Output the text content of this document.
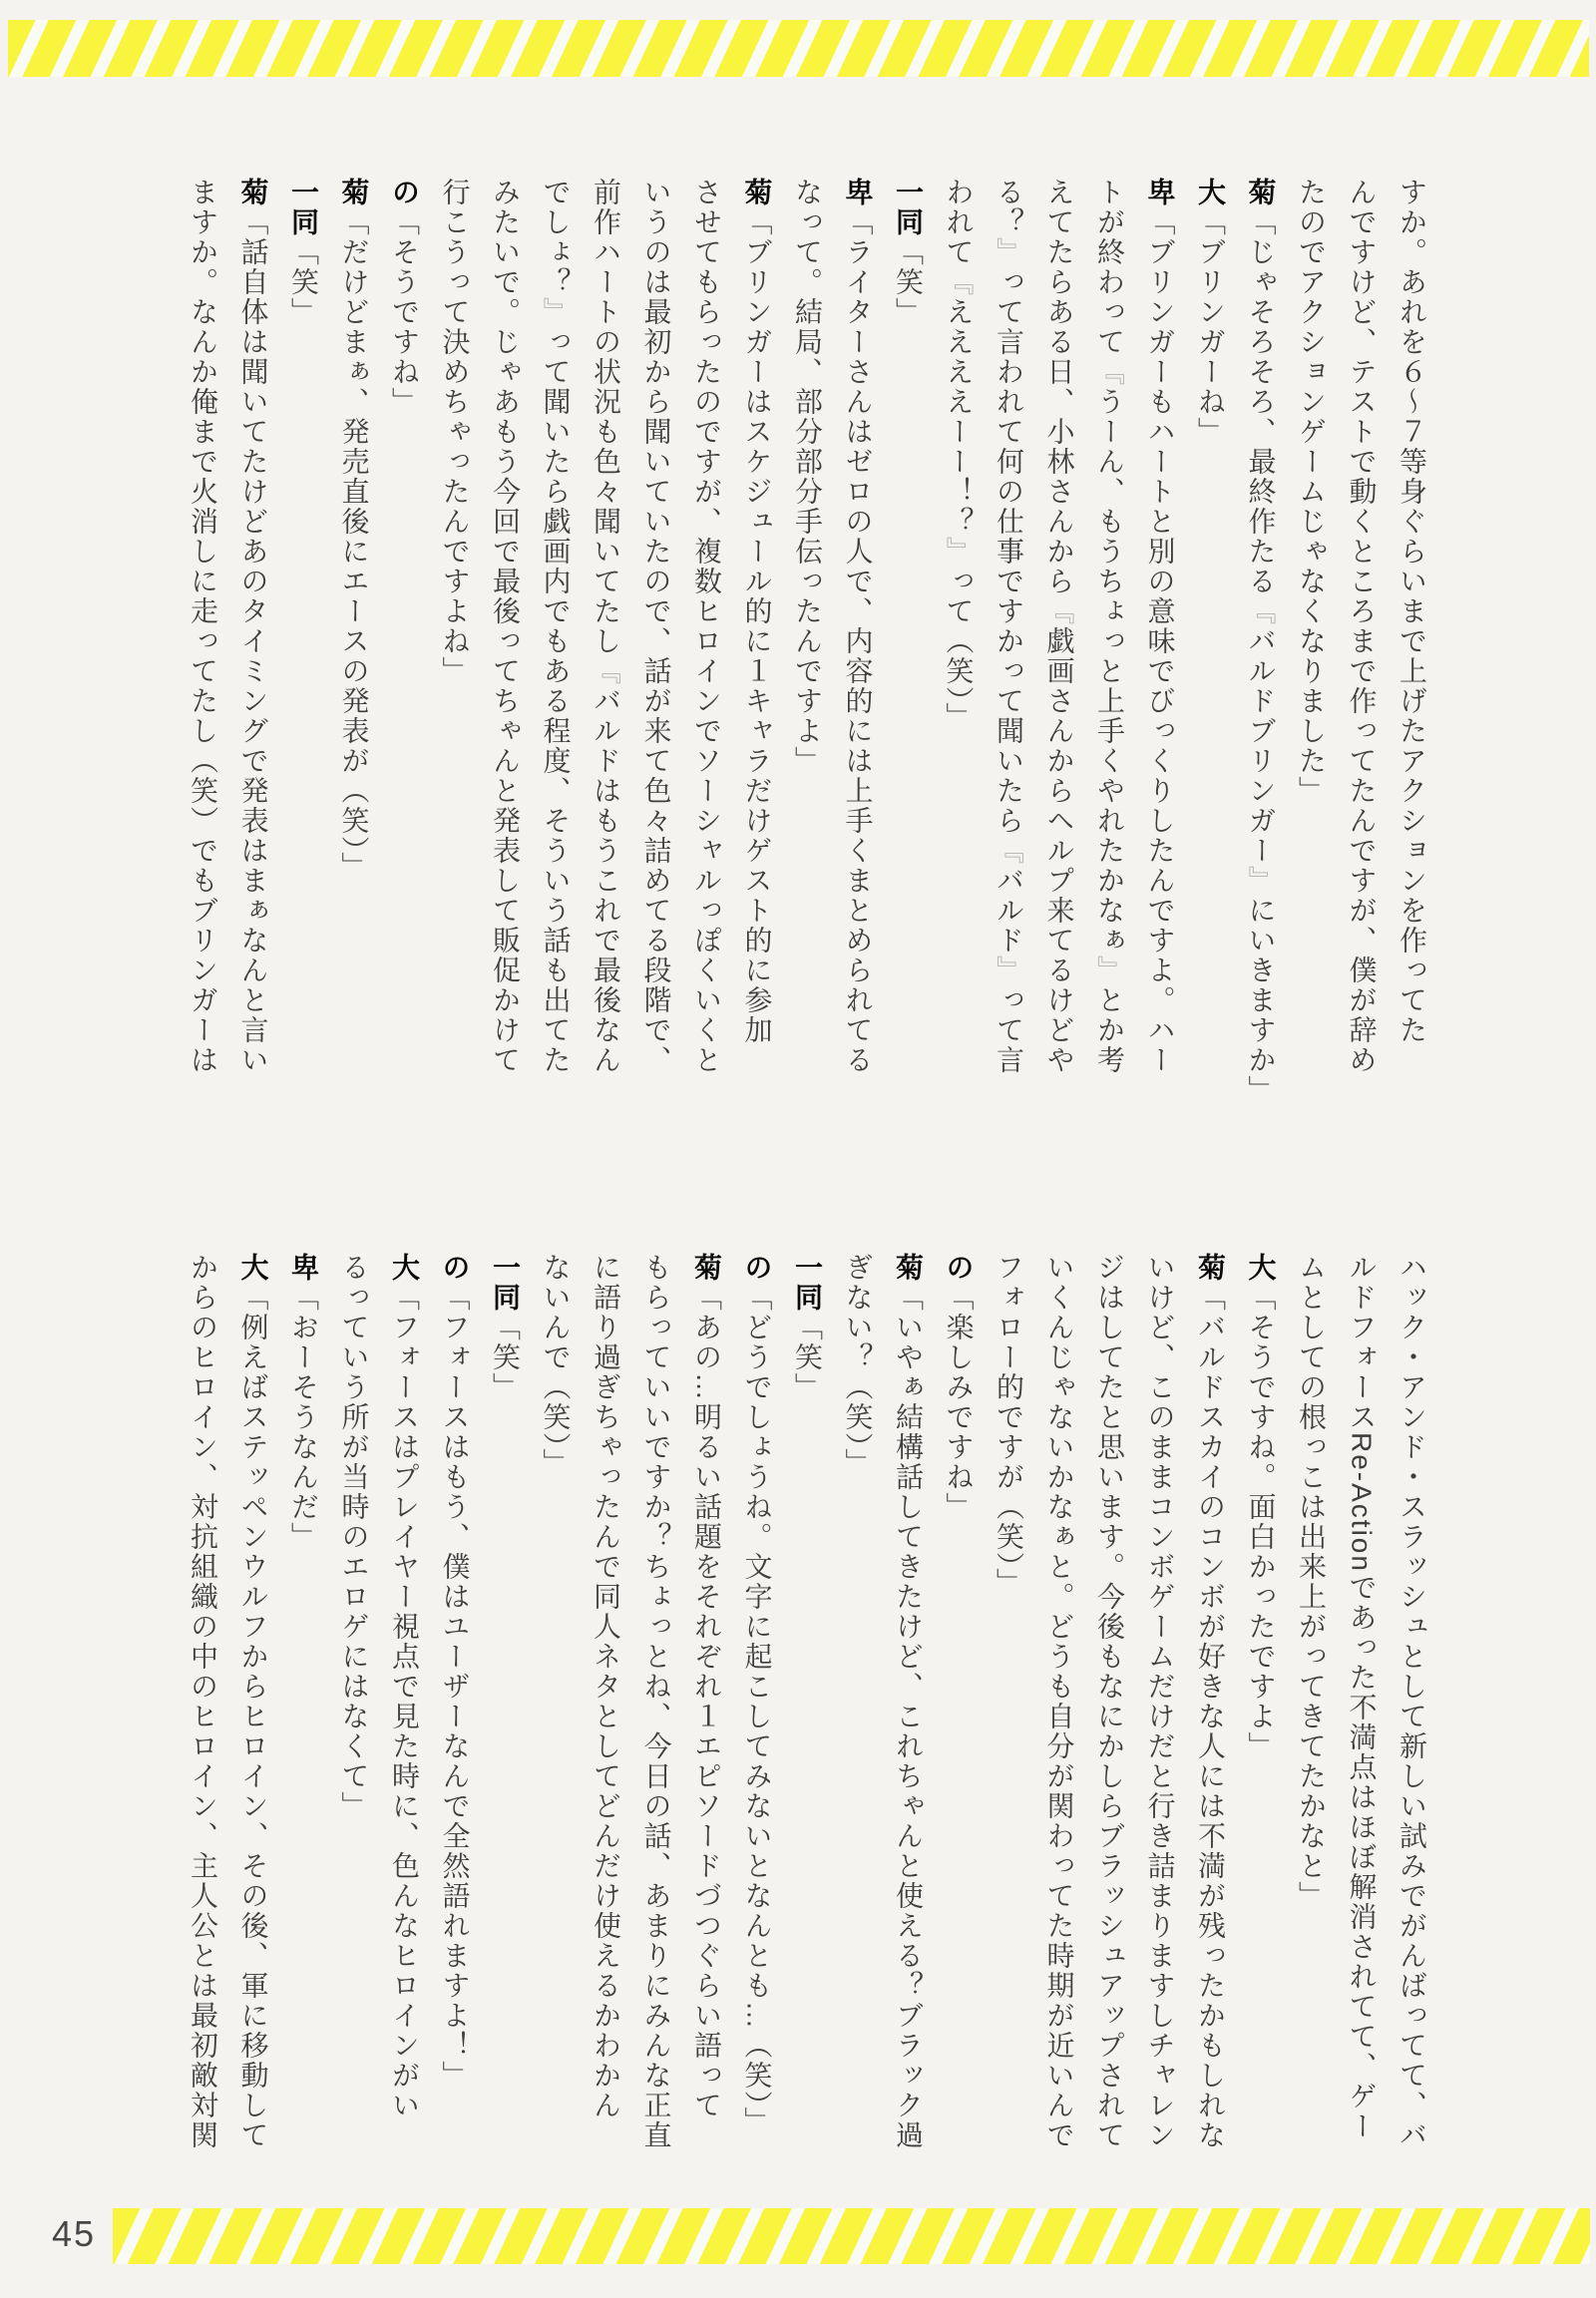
すか。あれを６～７等身ぐらいまで上げたアクションを作ってた

んですけど、テストで動くところまで作ってたんですが、僕が辞め

たのでアクションゲームじゃなくなりました」

菊「じゃそろそろ、最終作たる『バルドブリンガー』にいきますか」

大「ブリンガーね」

卑「ブリンガーもハートと別の意味でびっくりしたんですよ。ハー

トが終わって『うーん、もうちょっと上手くやれたかなぁ』とか考

えてたらある日、小林さんから『戯画さんからヘルプ来てるけどや

る？』って言われて何の仕事ですかって聞いたら『バルド』って言

われて『ええええーー！？』って（笑）」

一同「笑」

卑「ライターさんはゼロの人で、内容的には上手くまとめられてる

なって。結局、部分部分手伝ったんですよ」

菊「ブリンガーはスケジュール的に１キャラだけゲスト的に参加

させてもらったのですが、複数ヒロインでソーシャルっぽくいくと

いうのは最初から聞いていたので、話が来て色々詰めてる段階で、

前作ハートの状況も色々聞いてたし『バルドはもうこれで最後なん

でしょ？』って聞いたら戯画内でもある程度、そういう話も出てた

みたいで。じゃあもう今回で最後ってちゃんと発表して販促かけて

行こうって決めちゃったんですよね」

の「そうですね」

菊「だけどまぁ、発売直後にエースの発表が（笑）」

一同「笑」

菊「話自体は聞いてたけどあのタイミングで発表はまぁなんと言い

ますか。なんか俺まで火消しに走ってたし（笑）でもブリンガーは

ハック・アンド・スラッシュとして新しい試みでがんばってて、バ

ルドフォースRe-Actionであった不満点はほぼ解消されてて、ゲー

ムとしての根っこは出来上がってきてたかなと」

大「そうですね。面白かったですよ」

菊「バルドスカイのコンボが好きな人には不満が残ったかもしれな

いけど、このままコンボゲームだけだと行き詰まりますしチャレン

ジはしてたと思います。今後もなにかしらブラッシュアップされて

いくんじゃないかなぁと。どうも自分が関わってた時期が近いんで

フォロー的ですが（笑）」

の「楽しみですね」

菊「いやぁ結構話してきたけど、これちゃんと使える？ブラック過

ぎない？（笑）」

一同「笑」

の「どうでしょうね。文字に起こしてみないとなんとも…（笑）」

菊「あの…明るい話題をそれぞれ１エピソードづつぐらい語って

もらっていいですか？ちょっとね、今日の話、あまりにみんな正直

に語り過ぎちゃったんで同人ネタとしてどんだけ使えるかわかん

ないんで（笑）」

一同「笑」

の「フォースはもう、僕はユーザーなんで全然語れますよ！」

大「フォースはプレイヤー視点で見た時に、色んなヒロインがい

るっていう所が当時のエロゲにはなくて」

卑「おーそうなんだ」

大「例えばステッペンウルフからヒロイン、その後、軍に移動して

からのヒロイン、対抗組織の中のヒロイン、主人公とは最初敵対関

45
